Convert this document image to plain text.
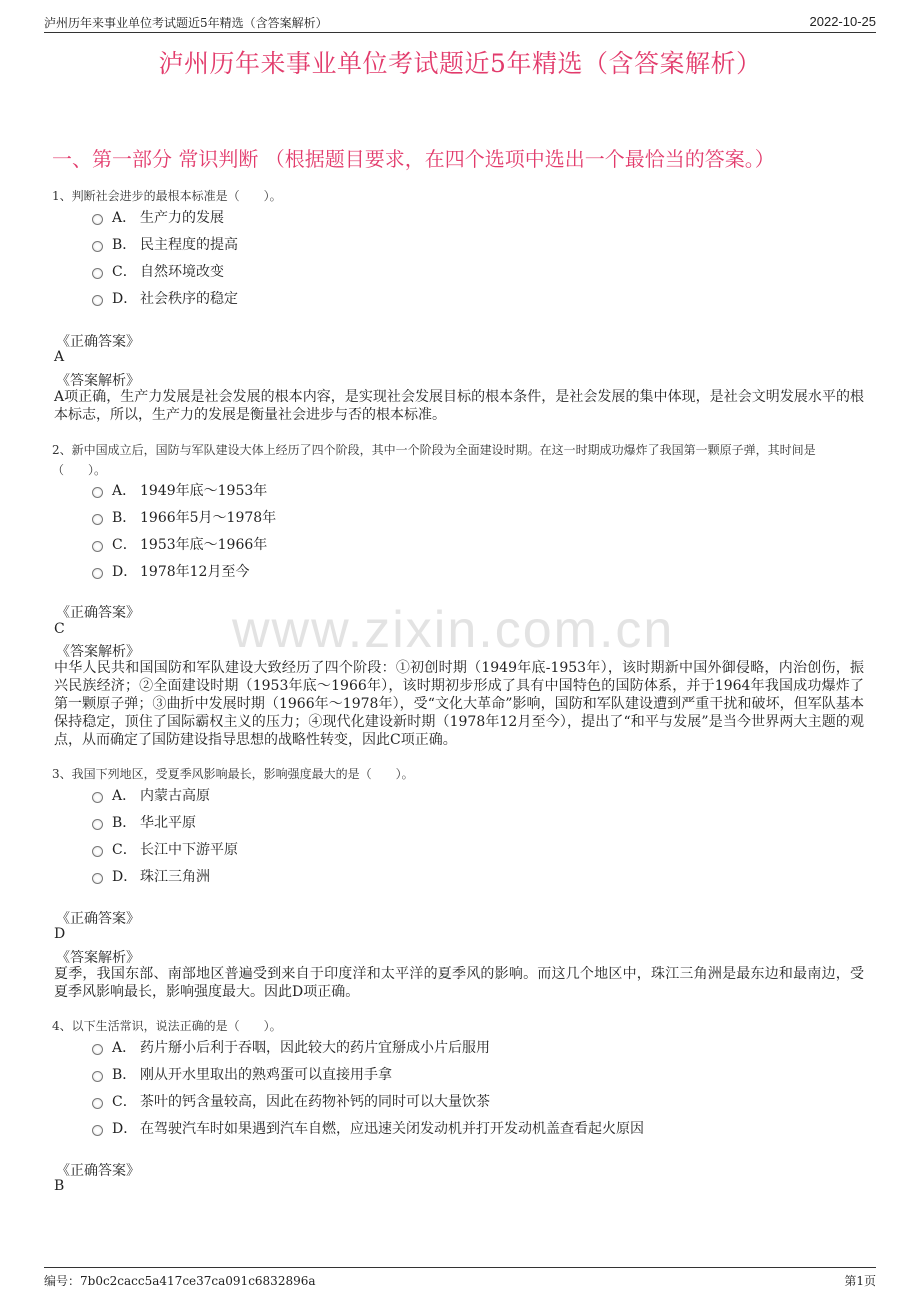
泸州历年来事业单位考试题近5年精选（含答案解析）	2022-10-25
泸州历年来事业单位考试题近5年精选（含答案解析）
一、第一部分 常识判断 （根据题目要求，在四个选项中选出一个最恰当的答案。）
www.zixin.com.cn
1、判断社会进步的最根本标准是（　　）。
A． 生产力的发展
B． 民主程度的提高
C． 自然环境改变
D． 社会秩序的稳定
《正确答案》
A
《答案解析》
A项正确，生产力发展是社会发展的根本内容，是实现社会发展目标的根本条件，是社会发展的集中体现，是社会文明发展水平的根本标志，所以，生产力的发展是衡量社会进步与否的根本标准。
2、新中国成立后，国防与军队建设大体上经历了四个阶段，其中一个阶段为全面建设时期。在这一时期成功爆炸了我国第一颗原子弹，其时间是（　　）。
A． 1949年底～1953年
B． 1966年5月～1978年
C． 1953年底～1966年
D． 1978年12月至今
《正确答案》
C
《答案解析》
中华人民共和国国防和军队建设大致经历了四个阶段：①初创时期（1949年底-1953年），该时期新中国外御侵略，内治创伤，振兴民族经济；②全面建设时期（1953年底～1966年），该时期初步形成了具有中国特色的国防体系，并于1964年我国成功爆炸了第一颗原子弹；③曲折中发展时期（1966年～1978年），受“文化大革命”影响，国防和军队建设遭到严重干扰和破坏，但军队基本保持稳定，顶住了国际霸权主义的压力；④现代化建设新时期（1978年12月至今），提出了“和平与发展”是当今世界两大主题的观点，从而确定了国防建设指导思想的战略性转变，因此C项正确。
3、我国下列地区，受夏季风影响最长，影响强度最大的是（　　）。
A． 内蒙古高原
B． 华北平原
C． 长江中下游平原
D． 珠江三角洲
《正确答案》
D
《答案解析》
夏季，我国东部、南部地区普遍受到来自于印度洋和太平洋的夏季风的影响。而这几个地区中，珠江三角洲是最东边和最南边，受夏季风影响最长，影响强度最大。因此D项正确。
4、以下生活常识，说法正确的是（　　）。
A． 药片掰小后利于吞咽，因此较大的药片宜掰成小片后服用
B． 刚从开水里取出的熟鸡蛋可以直接用手拿
C． 茶叶的钙含量较高，因此在药物补钙的同时可以大量饮茶
D． 在驾驶汽车时如果遇到汽车自燃，应迅速关闭发动机并打开发动机盖查看起火原因
《正确答案》
B
编号：7b0c2cacc5a417ce37ca091c6832896a	第1页
